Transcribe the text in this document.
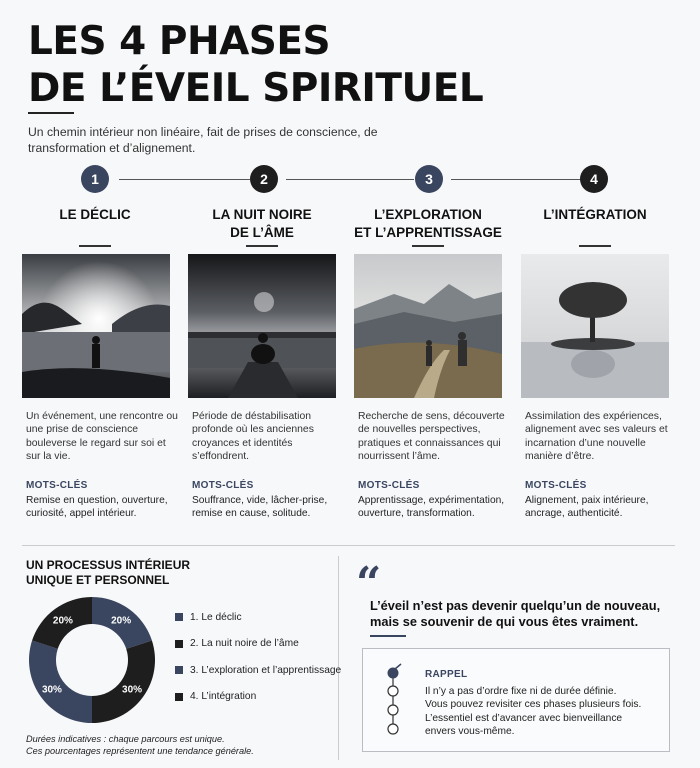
LES 4 PHASES
DE L’ÉVEIL SPIRITUEL
Un chemin intérieur non linéaire, fait de prises de conscience, de transformation et d’alignement.
1	2	3	4
LE DÉCLIC	LA NUIT NOIRE
DE L’ÂME
L’EXPLORATION
ET L’APPRENTISSAGE
L’INTÉGRATION
Un événement, une rencontre ou une prise de conscience bouleverse le regard sur soi et sur la vie.
Période de déstabilisation profonde où les anciennes croyances et identités s’effondrent.
Recherche de sens, découverte de nouvelles perspectives, pratiques et connaissances qui nourrissent l’âme.
Assimilation des expériences, alignement avec ses valeurs et incarnation d’une nouvelle manière d’être.
MOTS-CLÉS	MOTS-CLÉS	MOTS-CLÉS	MOTS-CLÉS
Remise en question, ouverture,
curiosité, appel intérieur.
Souffrance, vide, lâcher-prise,
remise en cause, solitude.
Apprentissage, expérimentation,
ouverture, transformation.
Alignement, paix intérieure,
ancrage, authenticité.
UN PROCESSUS INTÉRIEUR
UNIQUE ET PERSONNEL
20%
30%
30%
20%	1. Le déclic
2. La nuit noire de l’âme
3. L’exploration et l’apprentissage
4. L’intégration
Durées indicatives : chaque parcours est unique.
Ces pourcentages représentent une tendance générale.
“
L’éveil n’est pas devenir quelqu’un de nouveau,
mais se souvenir de qui vous êtes vraiment.
RAPPEL
Il n’y a pas d’ordre fixe ni de durée définie.
Vous pouvez revisiter ces phases plusieurs fois.
L’essentiel est d’avancer avec bienveillance
envers vous-même.
